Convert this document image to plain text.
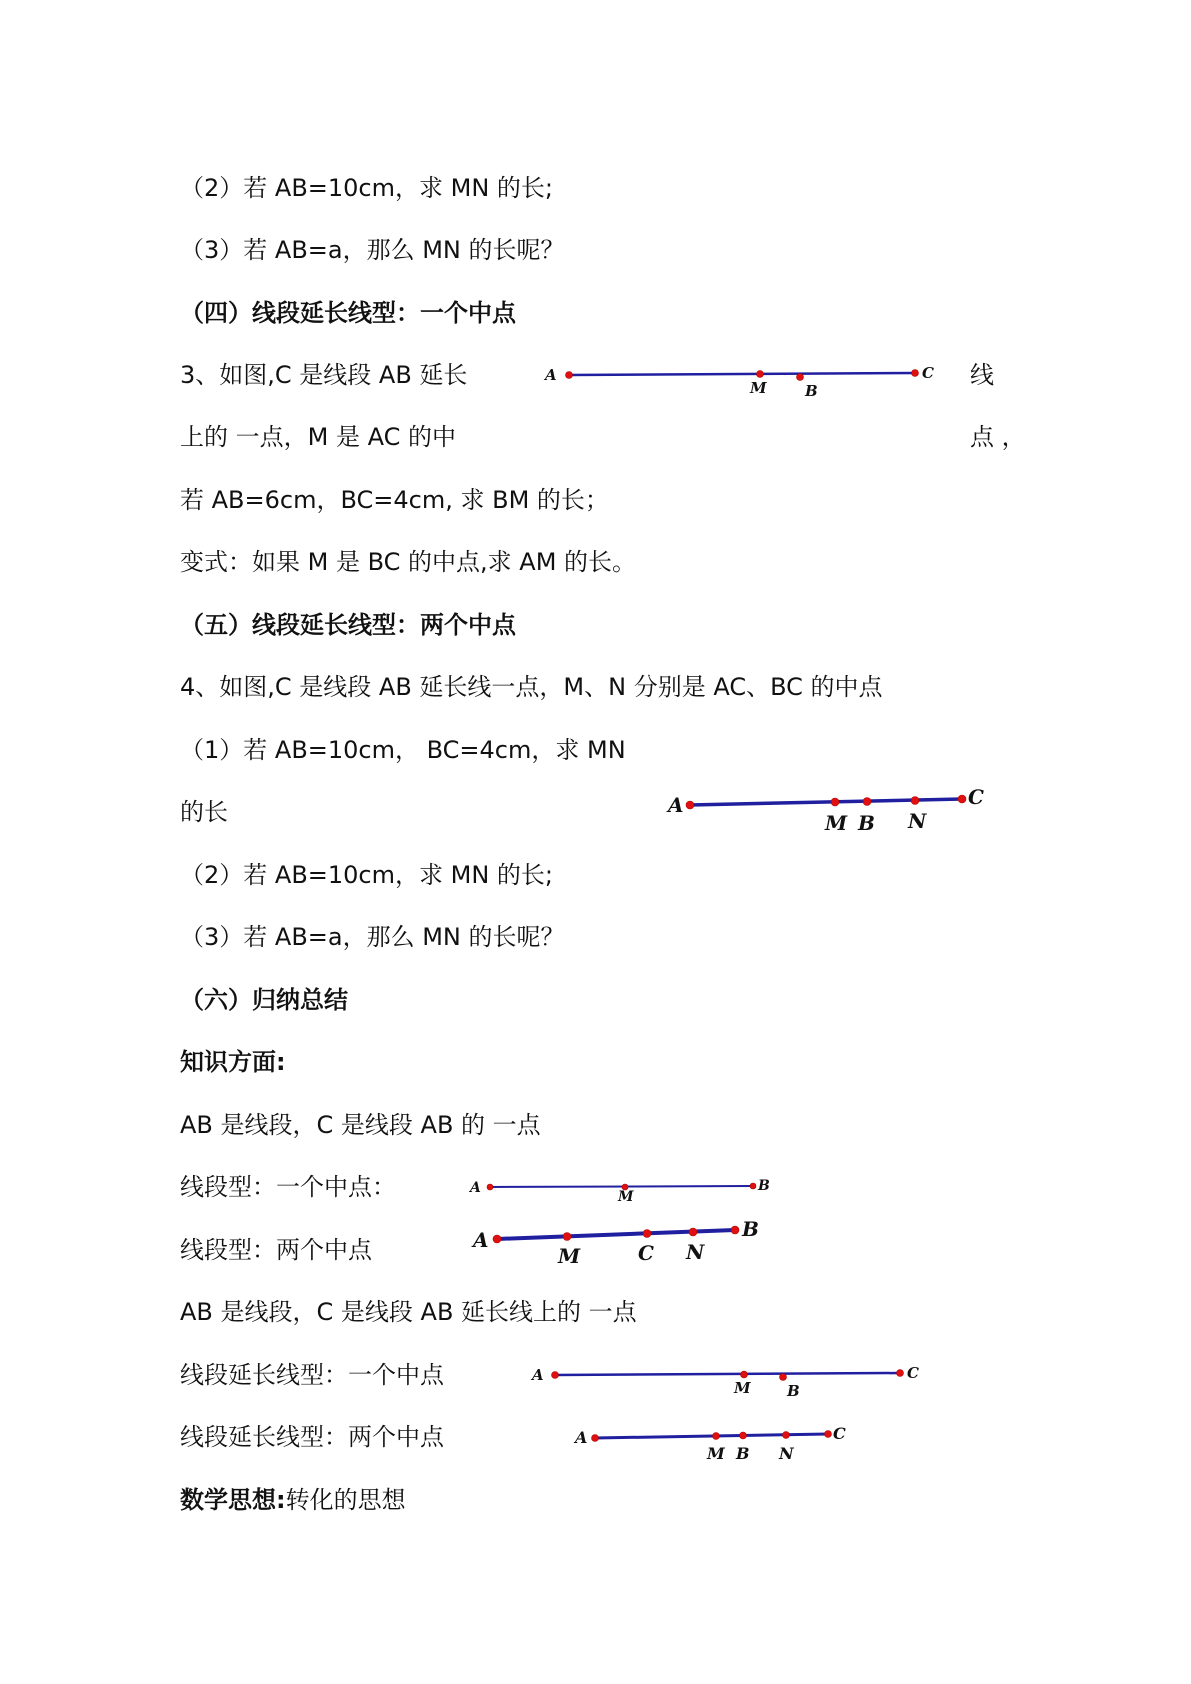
（2）若 AB=10cm，求 MN 的长;
（3）若 AB=a，那么 MN 的长呢？
（四）线段延长线型：一个中点
3、如图,C 是线段 AB 延长	线
A
M	B
C
上的 一点，M 是 AC 的中	点 ，
若 AB=6cm，BC=4cm, 求 BM 的长；
变式：如果 M 是 BC 的中点,求 AM 的长。
（五）线段延长线型：两个中点
4、如图,C 是线段 AB 延长线一点，M、N 分别是 AC、BC 的中点
（1）若 AB=10cm， BC=4cm，求 MN
的长	A
M B N
C
（2）若 AB=10cm，求 MN 的长;
（3）若 AB=a，那么 MN 的长呢？
（六）归纳总结
知识方面:
AB 是线段，C 是线段 AB 的 一点
线段型：一个中点：	A
M
B
线段型：两个中点	A
M	C N
B
AB 是线段，C 是线段 AB 延长线上的 一点
线段延长线型：一个中点	A
M B
C
线段延长线型：两个中点	A
M B N
C
数学思想:转化的思想
